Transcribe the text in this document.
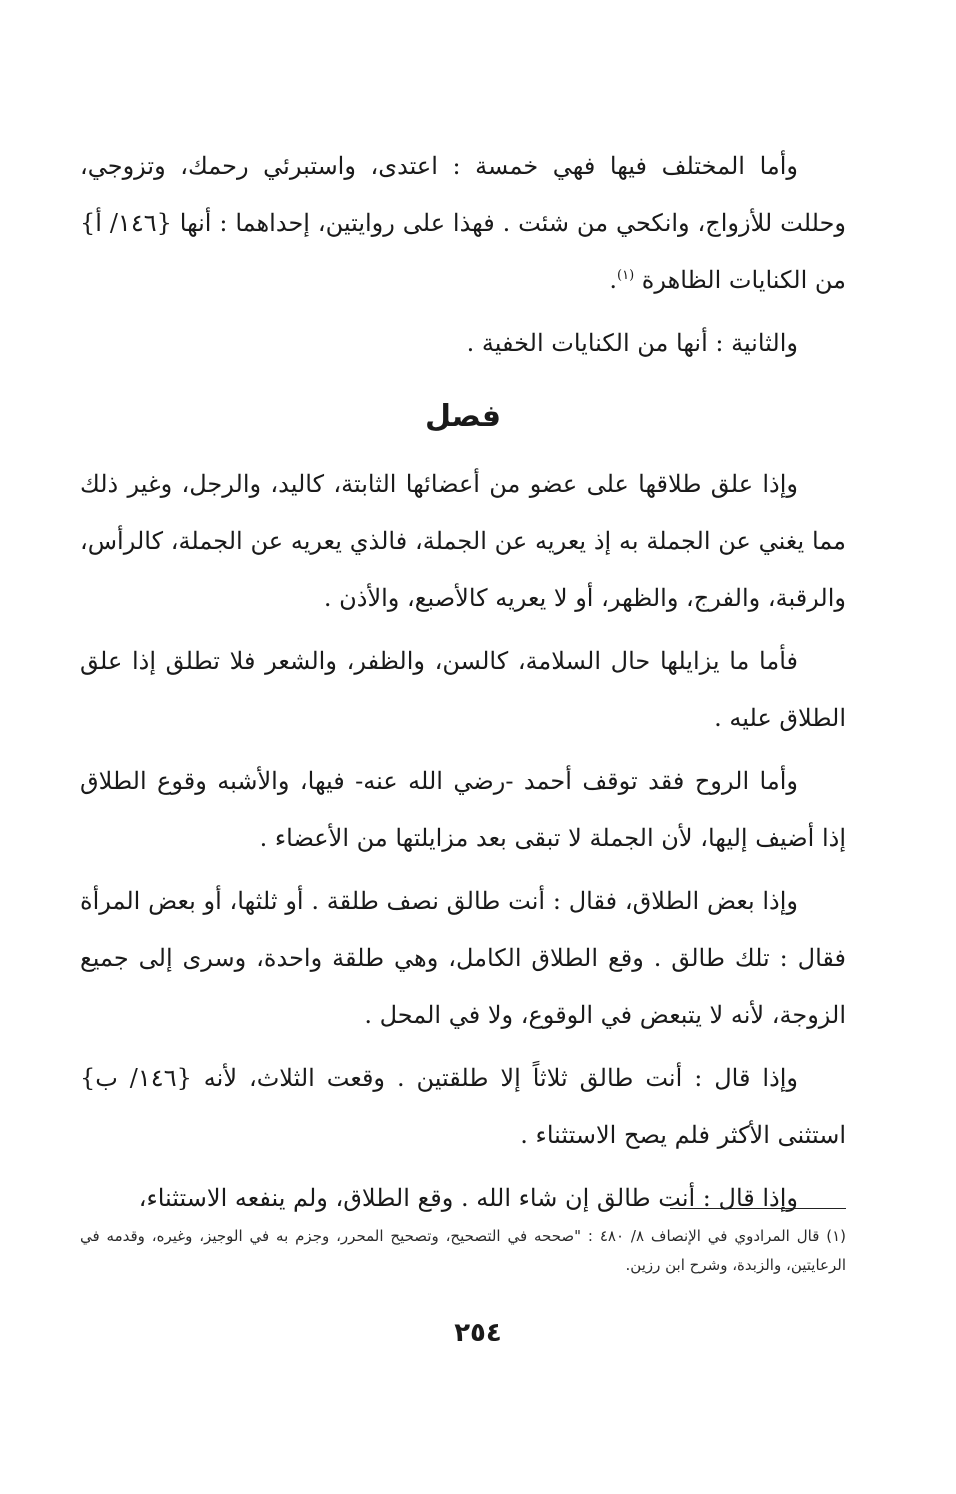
وأما المختلف فيها فهي خمسة : اعتدى، واستبرئي رحمك، وتزوجي، وحللت للأزواج، وانكحي من شئت . فهذا على روايتين، إحداهما : أنها {١٤٦/ أ} من الكنايات الظاهرة $^{(١)}$.

والثانية : أنها من الكنايات الخفية .

فصل

وإذا علق طلاقها على عضو من أعضائها الثابتة، كاليد، والرجل، وغير ذلك مما يغني عن الجملة به إذ يعريه عن الجملة، فالذي يعريه عن الجملة، كالرأس، والرقبة، والفرج، والظهر، أو لا يعريه كالأصبع، والأذن .

فأما ما يزايلها حال السلامة، كالسن، والظفر، والشعر فلا تطلق إذا علق الطلاق عليه .

وأما الروح فقد توقف أحمد -رضي الله عنه- فيها، والأشبه وقوع الطلاق إذا أضيف إليها، لأن الجملة لا تبقى بعد مزايلتها من الأعضاء .

وإذا بعض الطلاق، فقال : أنت طالق نصف طلقة . أو ثلثها، أو بعض المرأة فقال : تلك طالق . وقع الطلاق الكامل، وهي طلقة واحدة، وسرى إلى جميع الزوجة، لأنه لا يتبعض في الوقوع، ولا في المحل .

وإذا قال : أنت طالق ثلاثاً إلا طلقتين . وقعت الثلاث، لأنه {١٤٦/ ب} استثنى الأكثر فلم يصح الاستثناء .

وإذا قال : أنت طالق إن شاء الله . وقع الطلاق، ولم ينفعه الاستثناء،

(١) قال المرادوي في الإنصاف ٨/ ٤٨٠ : "صححه في التصحيح، وتصحيح المحرر، وجزم به في الوجيز، وغيره، وقدمه في الرعايتين، والزبدة، وشرح ابن رزين.
٢٥٤
